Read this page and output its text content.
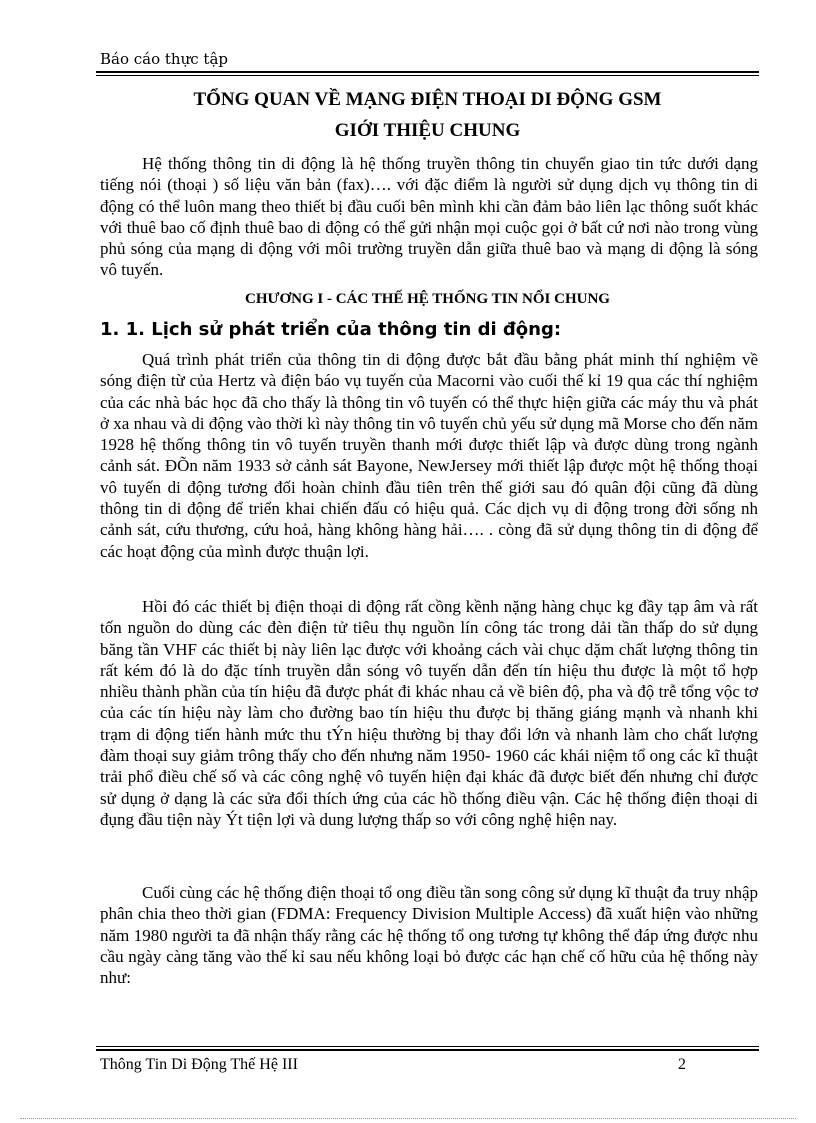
Báo cáo thực tập
TỔNG QUAN VỀ MẠNG ĐIỆN THOẠI DI ĐỘNG GSM
GIỚI THIỆU CHUNG

Hệ thống thông tin di động là hệ thống truyền thông tin chuyển giao tin tức dưới dạng tiếng nói (thoại ) số liệu văn bản (fax)…. với đặc điểm là người sử dụng dịch vụ thông tin di động có thể luôn mang theo thiết bị đầu cuối bên mình khi cần đảm bảo liên lạc thông suốt khác với thuê bao cố định thuê bao di động có thể gửi nhận mọi cuộc gọi ở bất cứ nơi nào trong vùng phủ sóng của mạng di động với môi trường truyền dẫn giữa thuê bao và mạng di động là sóng vô tuyến.

CHƯƠNG I - CÁC THẾ HỆ THỐNG TIN NỔI CHUNG
1. 1. Lịch sử phát triển của thông tin di động:

Quá trình phát triển của thông tin di động được bắt đầu bằng phát minh thí nghiệm về sóng điện từ của Hertz và điện báo vụ tuyến của Macorni vào cuối thế kỉ 19 qua các thí nghiệm của các nhà bác học đã cho thấy là thông tin vô tuyến có thể thực hiện giữa các máy thu và phát ở xa nhau và di động vào thời kì này thông tin vô tuyến chủ yếu sử dụng mã Morse cho đến năm 1928 hệ thống thông tin vô tuyến truyền thanh mới được thiết lập và được dùng trong ngành cảnh sát. ĐÕn năm 1933 sở cảnh sát Bayone, NewJersey mới thiết lập được một hệ thống thoại vô tuyến di động tương đối hoàn chỉnh đầu tiên trên thế giới sau đó quân đội cũng đã dùng thông tin di động để triển khai chiến đấu có hiệu quả. Các dịch vụ di động trong đời sống nh cảnh sát, cứu thương, cứu hoả, hàng không hàng hải…. . còng đã sử dụng thông tin di động để các hoạt động của mình được thuận lợi.

Hồi đó các thiết bị điện thoại di động rất cồng kềnh nặng hàng chục kg đầy tạp âm và rất tốn nguồn do dùng các đèn điện tử tiêu thụ nguồn lín công tác trong dải tần thấp do sử dụng băng tần VHF các thiết bị này liên lạc được với khoảng cách vài chục dặm chất lượng thông tin rất kém đó là do đặc tính truyền dẫn sóng vô tuyến dẫn đến tín hiệu thu được là một tổ hợp nhiều thành phần của tín hiệu đã được phát đi khác nhau cả về biên độ, pha và độ trễ tổng vộc tơ của các tín hiệu này làm cho đường bao tín hiệu thu được bị thăng giáng mạnh và nhanh khi trạm di động tiến hành mức thu tÝn hiệu thường bị thay đổi lớn và nhanh làm cho chất lượng đàm thoại suy giảm trông thấy cho đến nhưng năm 1950- 1960 các khái niệm tổ ong các kĩ thuật trải phổ điều chế số và các công nghệ vô tuyến hiện đại khác đã được biết đến nhưng chỉ được sử dụng ở dạng là các sửa đổi thích ứng của các hồ thống điều vận. Các hệ thống điện thoại di đụng đầu tiện này Ýt tiện lợi và dung lượng thấp so với công nghệ hiện nay.

Cuối cùng các hệ thống điện thoại tổ ong điều tần song công sử dụng kĩ thuật đa truy nhập phân chia theo thời gian (FDMA: Frequency Division Multiple Access) đã xuất hiện vào những năm 1980 người ta đã nhận thấy rằng các hệ thống tổ ong tương tự không thể đáp ứng được nhu cầu ngày càng tăng vào thế kỉ sau nếu không loại bỏ được các hạn chế cố hữu của hệ thống này như:

Thông Tin Di Động Thế Hệ III	2
